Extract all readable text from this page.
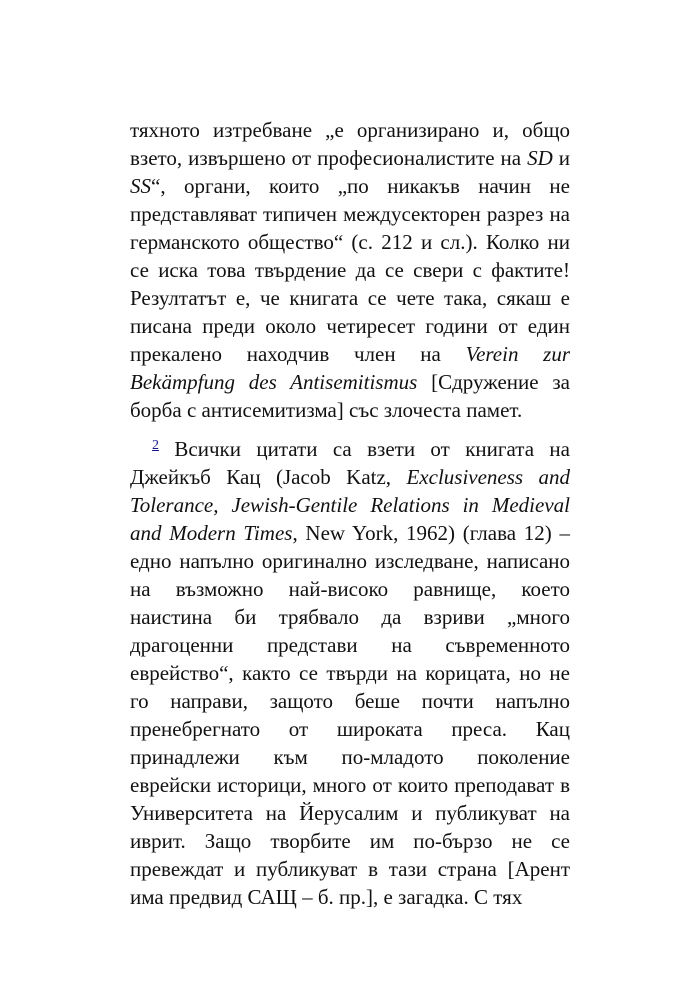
тяхното изтребване „е организирано и, общо взето, извършено от професионалистите на SD и SS“, органи, които „по никакъв начин не представляват типичен междусекторен разрез на германското общество“ (с. 212 и сл.). Колко ни се иска това твърдение да се свери с фактите! Резултатът е, че книгата се чете така, сякаш е писана преди около четиресет години от един прекалено находчив член на Verein zur Bekämpfung des Antisemitismus [Сдружение за борба с антисемитизма] със злочеста памет.

$^2$ Всички цитати са взети от книгата на Джейкъб Кац (Jacob Katz, Exclusiveness and Tolerance, Jewish-Gentile Relations in Medieval and Modern Times, New York, 1962) (глава 12) – едно напълно оригинално изследване, написано на възможно най-високо равнище, което наистина би трябвало да взриви „много драгоценни представи на съвременното еврейство“, както се твърди на корицата, но не го направи, защото беше почти напълно пренебрегнато от широката преса. Кац принадлежи към по-младото поколение еврейски историци, много от които преподават в Университета на Йерусалим и публикуват на иврит. Защо творбите им по-бързо не се превеждат и публикуват в тази страна [Арент има предвид САЩ – б. пр.], е загадка. С тях
